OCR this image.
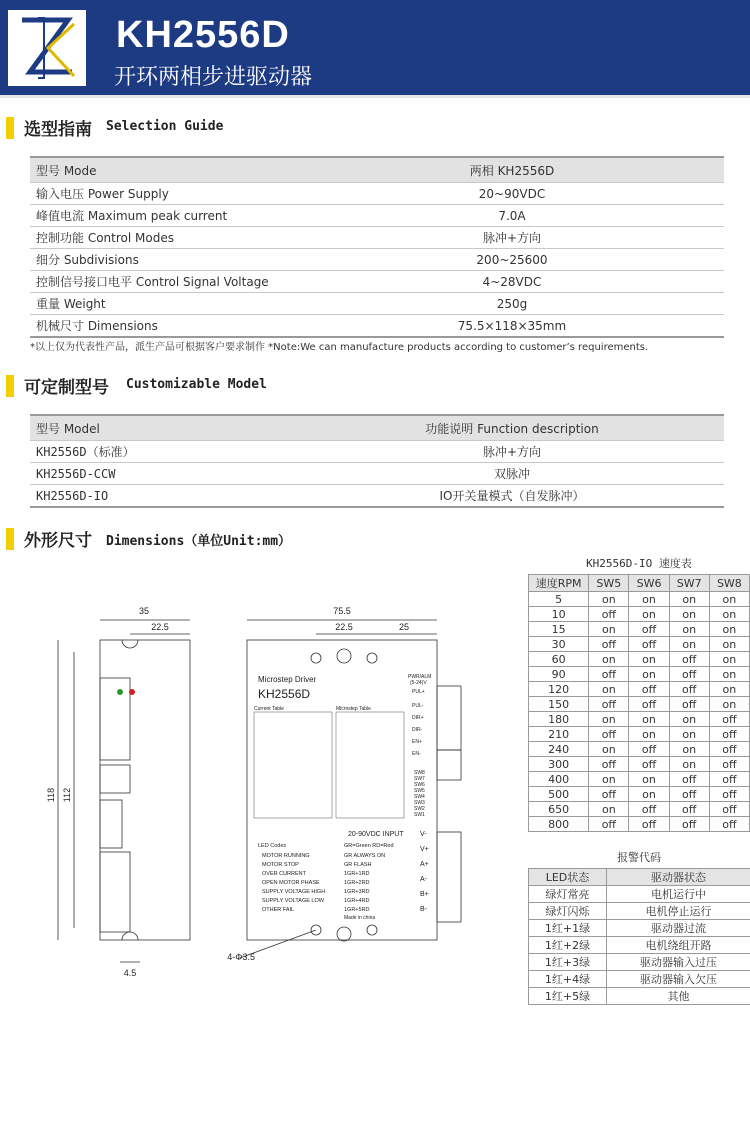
KH2556D
开环两相步进驱动器
选型指南 Selection Guide
型号 Mode	两相 KH2556D
输入电压 Power Supply	20~90VDC
峰值电流 Maximum peak current	7.0A
控制功能 Control Modes	脉冲+方向
细分 Subdivisions	200~25600
控制信号接口电平 Control Signal Voltage	4~28VDC
重量 Weight	250g
机械尺寸 Dimensions	75.5×118×35mm
*以上仅为代表性产品，派生产品可根据客户要求制作 *Note:We can manufacture products according to customer’s requirements.
可定制型号 Customizable Model
型号 Model	功能说明 Function description
KH2556D（标准）	脉冲+方向
KH2556D-CCW	双脉冲
KH2556D-IO	IO开关量模式（自发脉冲）
外形尺寸 Dimensions（单位Unit:mm）
35
22.5
118 112
4.5
75.5
22.5	25
4-Φ3.5
Microstep Driver
KH2556D
Current Table	Microstep Table
20-90VDC INPUT
LED Codes	GR=Green RD=Red
MOTOR RUNNING	GR ALWAYS ON
MOTOR STOP	GR FLASH
OVER CURRENT	1GR+1RD
OPEN MOTOR PHASE	1GR+2RD
SUPPLY VOLTAGE HIGH	1GR+3RD
SUPPLY VOLTAGE LOW	1GR+4RD
OTHER FAIL	1GR+5RD
Made in china
PWR/ALM
(5-24)V
PUL+
PUL-
DIR+
DIR-
EN+
EN-
SW8
SW7
SW6
SW5
SW4
SW3
SW2
SW1
V-
V+
A+
A-
B+
B-
KH2556D-IO 速度表
速度RPM	SW5	SW6	SW7	SW8
5	on	on	on	on
10	off	on	on	on
15	on	off	on	on
30	off	off	on	on
60	on	on	off	on
90	off	on	off	on
120	on	off	off	on
150	off	off	off	on
180	on	on	on	off
210	off	on	on	off
240	on	off	on	off
300	off	off	on	off
400	on	on	off	off
500	off	on	off	off
650	on	off	off	off
800	off	off	off	off
报警代码
LED状态	驱动器状态
绿灯常亮	电机运行中
绿灯闪烁	电机停止运行
1红+1绿	驱动器过流
1红+2绿	电机绕组开路
1红+3绿	驱动器输入过压
1红+4绿	驱动器输入欠压
1红+5绿	其他
